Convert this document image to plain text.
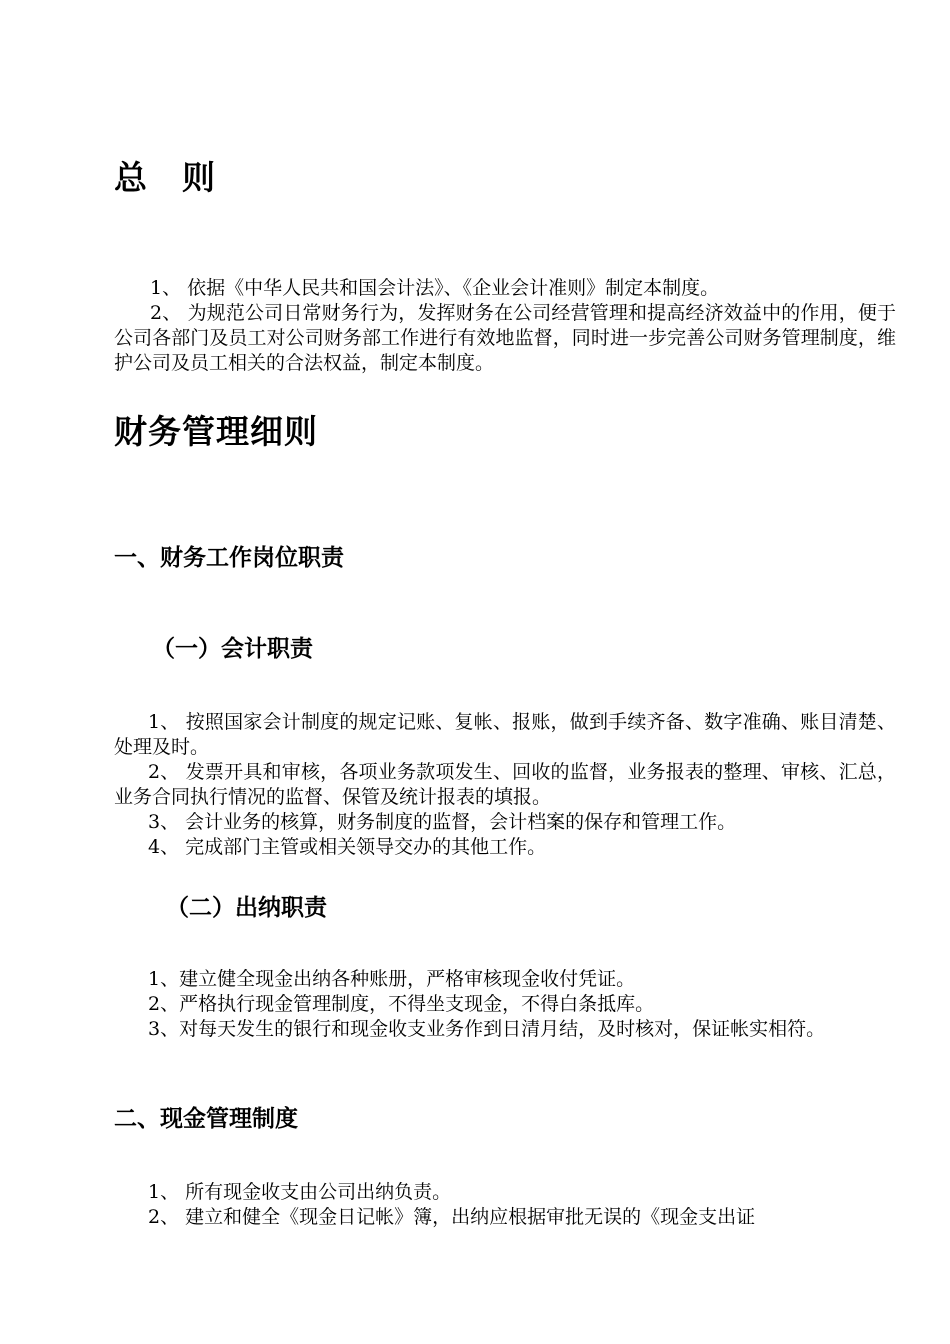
总 则

1、 依据《中华人民共和国会计法》、《企业会计准则》制定本制度。

2、 为规范公司日常财务行为，发挥财务在公司经营管理和提高经济效益中的作用，便于公司各部门及员工对公司财务部工作进行有效地监督，同时进一步完善公司财务管理制度，维护公司及员工相关的合法权益，制定本制度。

财务管理细则
一、财务工作岗位职责
（一）会计职责

1、 按照国家会计制度的规定记账、复帐、报账，做到手续齐备、数字准确、账目清楚、处理及时。

2、 发票开具和审核，各项业务款项发生、回收的监督，业务报表的整理、审核、汇总，业务合同执行情况的监督、保管及统计报表的填报。

3、 会计业务的核算，财务制度的监督，会计档案的保存和管理工作。

4、 完成部门主管或相关领导交办的其他工作。

（二）出纳职责

1、建立健全现金出纳各种账册，严格审核现金收付凭证。

2、严格执行现金管理制度，不得坐支现金，不得白条抵库。

3、对每天发生的银行和现金收支业务作到日清月结，及时核对，保证帐实相符。

二、现金管理制度

1、 所有现金收支由公司出纳负责。

2、 建立和健全《现金日记帐》簿，出纳应根据审批无误的《现金支出证
